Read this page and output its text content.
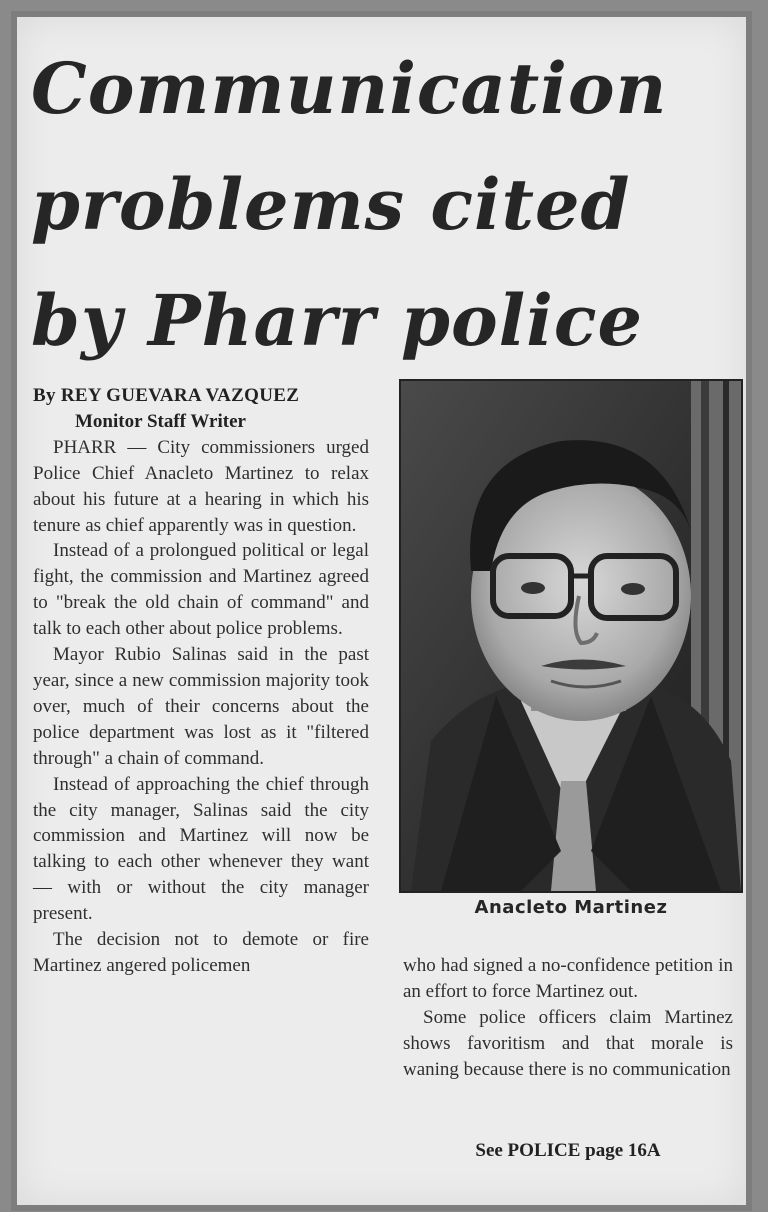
Communication
problems cited
by Pharr police
By REY GUEVARA VAZQUEZ
Monitor Staff Writer

PHARR — City commissioners urged Police Chief Anacleto Martinez to relax about his future at a hearing in which his tenure as chief apparently was in question.

Instead of a prolongued political or legal fight, the commission and Martinez agreed to "break the old chain of command" and talk to each other about police problems.

Mayor Rubio Salinas said in the past year, since a new commission majority took over, much of their concerns about the police department was lost as it "filtered through" a chain of command.

Instead of approaching the chief through the city manager, Salinas said the city commission and Martinez will now be talking to each other whenever they want — with or without the city manager present.

The decision not to demote or fire Martinez angered policemen

Anacleto Martinez

who had signed a no-confidence petition in an effort to force Martinez out.

Some police officers claim Martinez shows favoritism and that morale is waning because there is no communication

See POLICE page 16A
